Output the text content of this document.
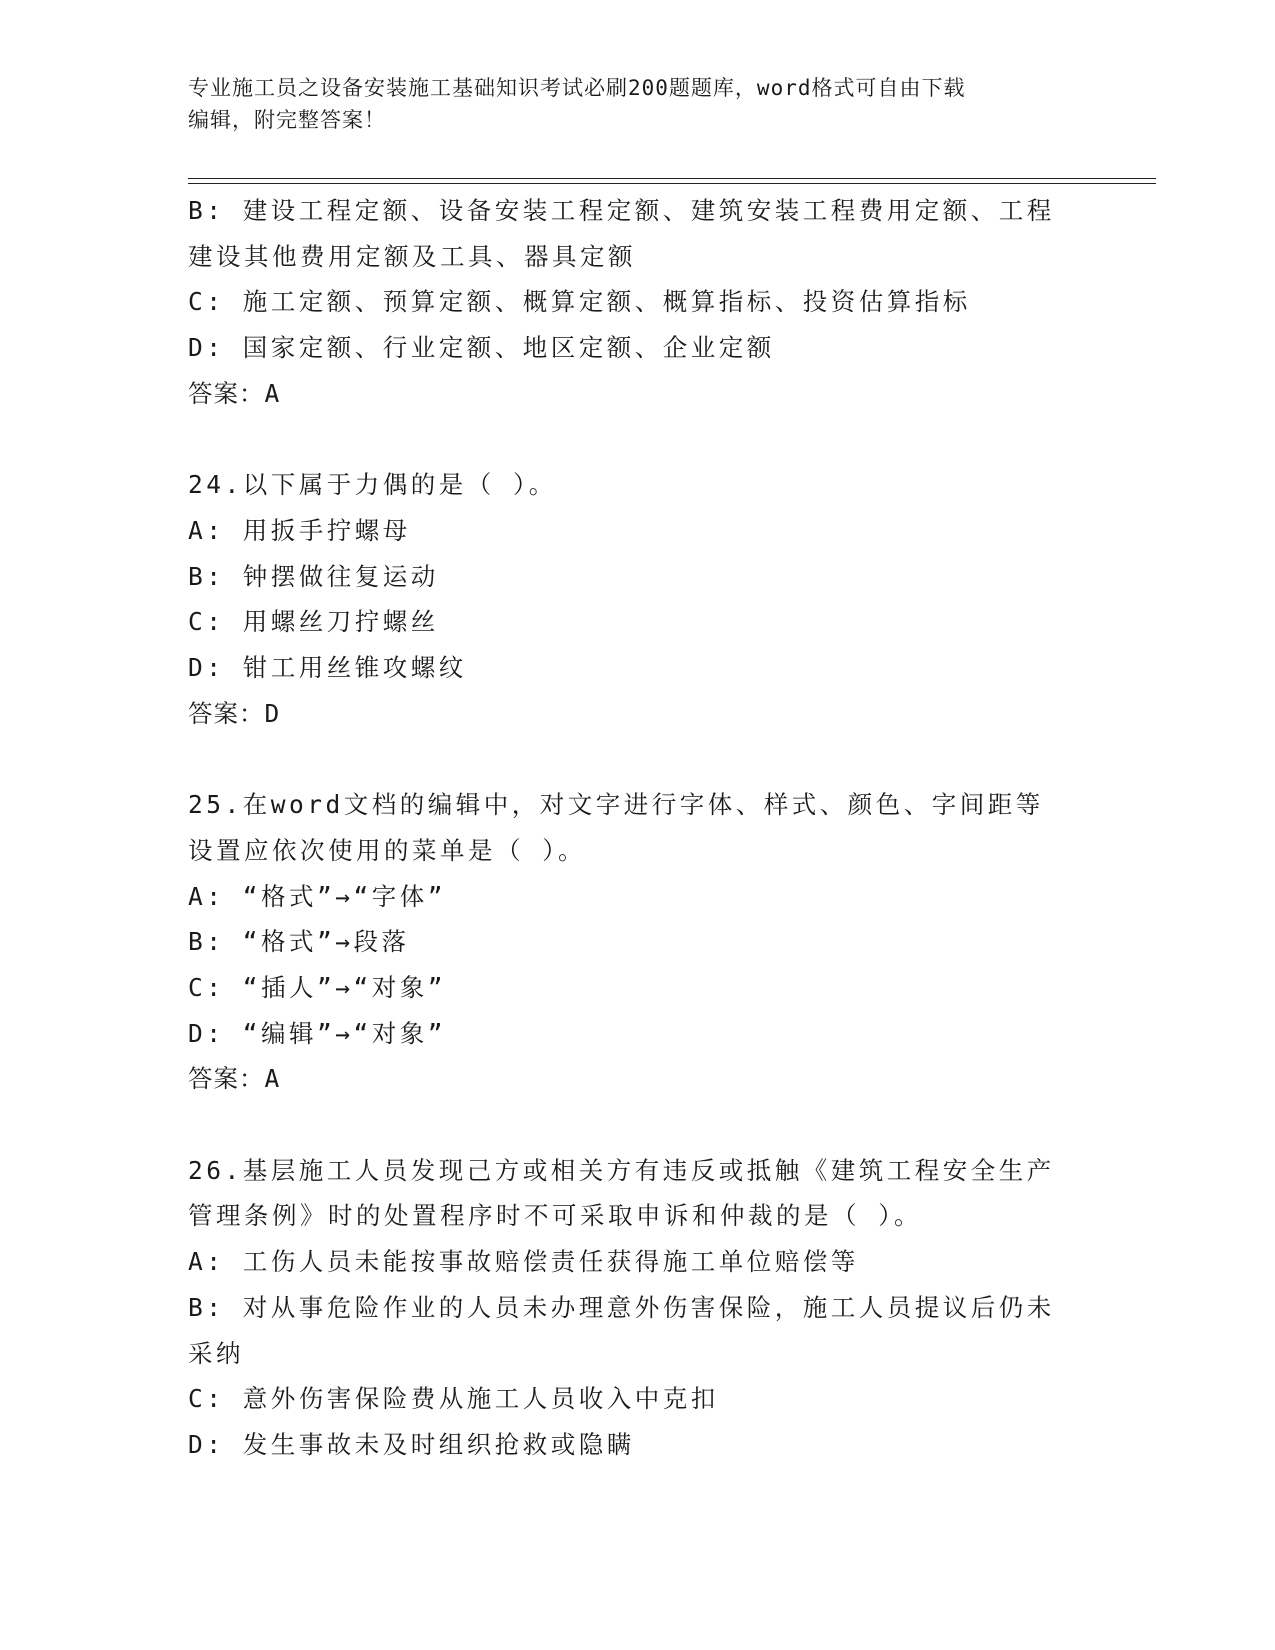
专业施工员之设备安装施工基础知识考试必刷200题题库，word格式可自由下载
编辑，附完整答案！

B: 建设工程定额、设备安装工程定额、建筑安装工程费用定额、工程

建设其他费用定额及工具、器具定额

C: 施工定额、预算定额、概算定额、概算指标、投资估算指标

D: 国家定额、行业定额、地区定额、企业定额

答案：A

24.以下属于力偶的是（ ）。

A: 用扳手拧螺母

B: 钟摆做往复运动

C: 用螺丝刀拧螺丝

D: 钳工用丝锥攻螺纹

答案：D

25.在word文档的编辑中，对文字进行字体、样式、颜色、字间距等

设置应依次使用的菜单是（ ）。

A: “格式”→“字体”

B: “格式”→段落

C: “插人”→“对象”

D: “编辑”→“对象”

答案：A

26.基层施工人员发现己方或相关方有违反或抵触《建筑工程安全生产

管理条例》时的处置程序时不可采取申诉和仲裁的是（ ）。

A: 工伤人员未能按事故赔偿责任获得施工单位赔偿等

B: 对从事危险作业的人员未办理意外伤害保险，施工人员提议后仍未

采纳

C: 意外伤害保险费从施工人员收入中克扣

D: 发生事故未及时组织抢救或隐瞒
